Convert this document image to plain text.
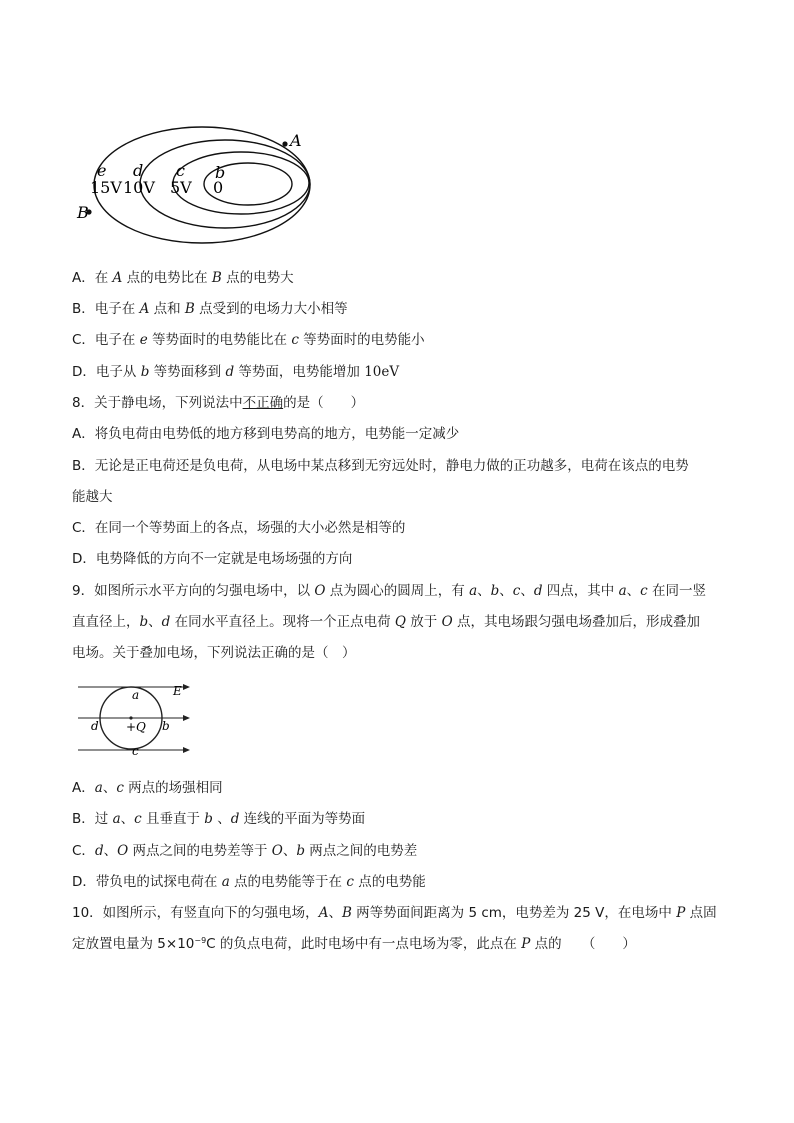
A
B
e d c b
15V 10V 5V 0
A．在 A 点的电势比在 B 点的电势大
B．电子在 A 点和 B 点受到的电场力大小相等
C．电子在 e 等势面时的电势能比在 c 等势面时的电势能小
D．电子从 b 等势面移到 d 等势面，电势能增加 10eV
8．关于静电场，下列说法中不正确的是（　　）
A．将负电荷由电势低的地方移到电势高的地方，电势能一定减少
B．无论是正电荷还是负电荷，从电场中某点移到无穷远处时，静电力做的正功越多，电荷在该点的电势
能越大
C．在同一个等势面上的各点，场强的大小必然是相等的
D．电势降低的方向不一定就是电场场强的方向
9．如图所示水平方向的匀强电场中，以 O 点为圆心的圆周上，有 a、b、c、d 四点，其中 a、c 在同一竖
直直径上，b、d 在同水平直径上。现将一个正点电荷 Q 放于 O 点，其电场跟匀强电场叠加后，形成叠加
电场。关于叠加电场，下列说法正确的是（　）
a
d +Q b
c
E
A．a、c 两点的场强相同
B．过 a、c 且垂直于 b 、d 连线的平面为等势面
C．d、O 两点之间的电势差等于 O、b 两点之间的电势差
D．带负电的试探电荷在 a 点的电势能等于在 c 点的电势能
10．如图所示，有竖直向下的匀强电场，A、B 两等势面间距离为 5 cm，电势差为 25 V，在电场中 P 点固
定放置电量为 $5\times 10^{-9}C$ 的负点电荷，此时电场中有一点电场为零，此点在 P 点的　　（　　）
